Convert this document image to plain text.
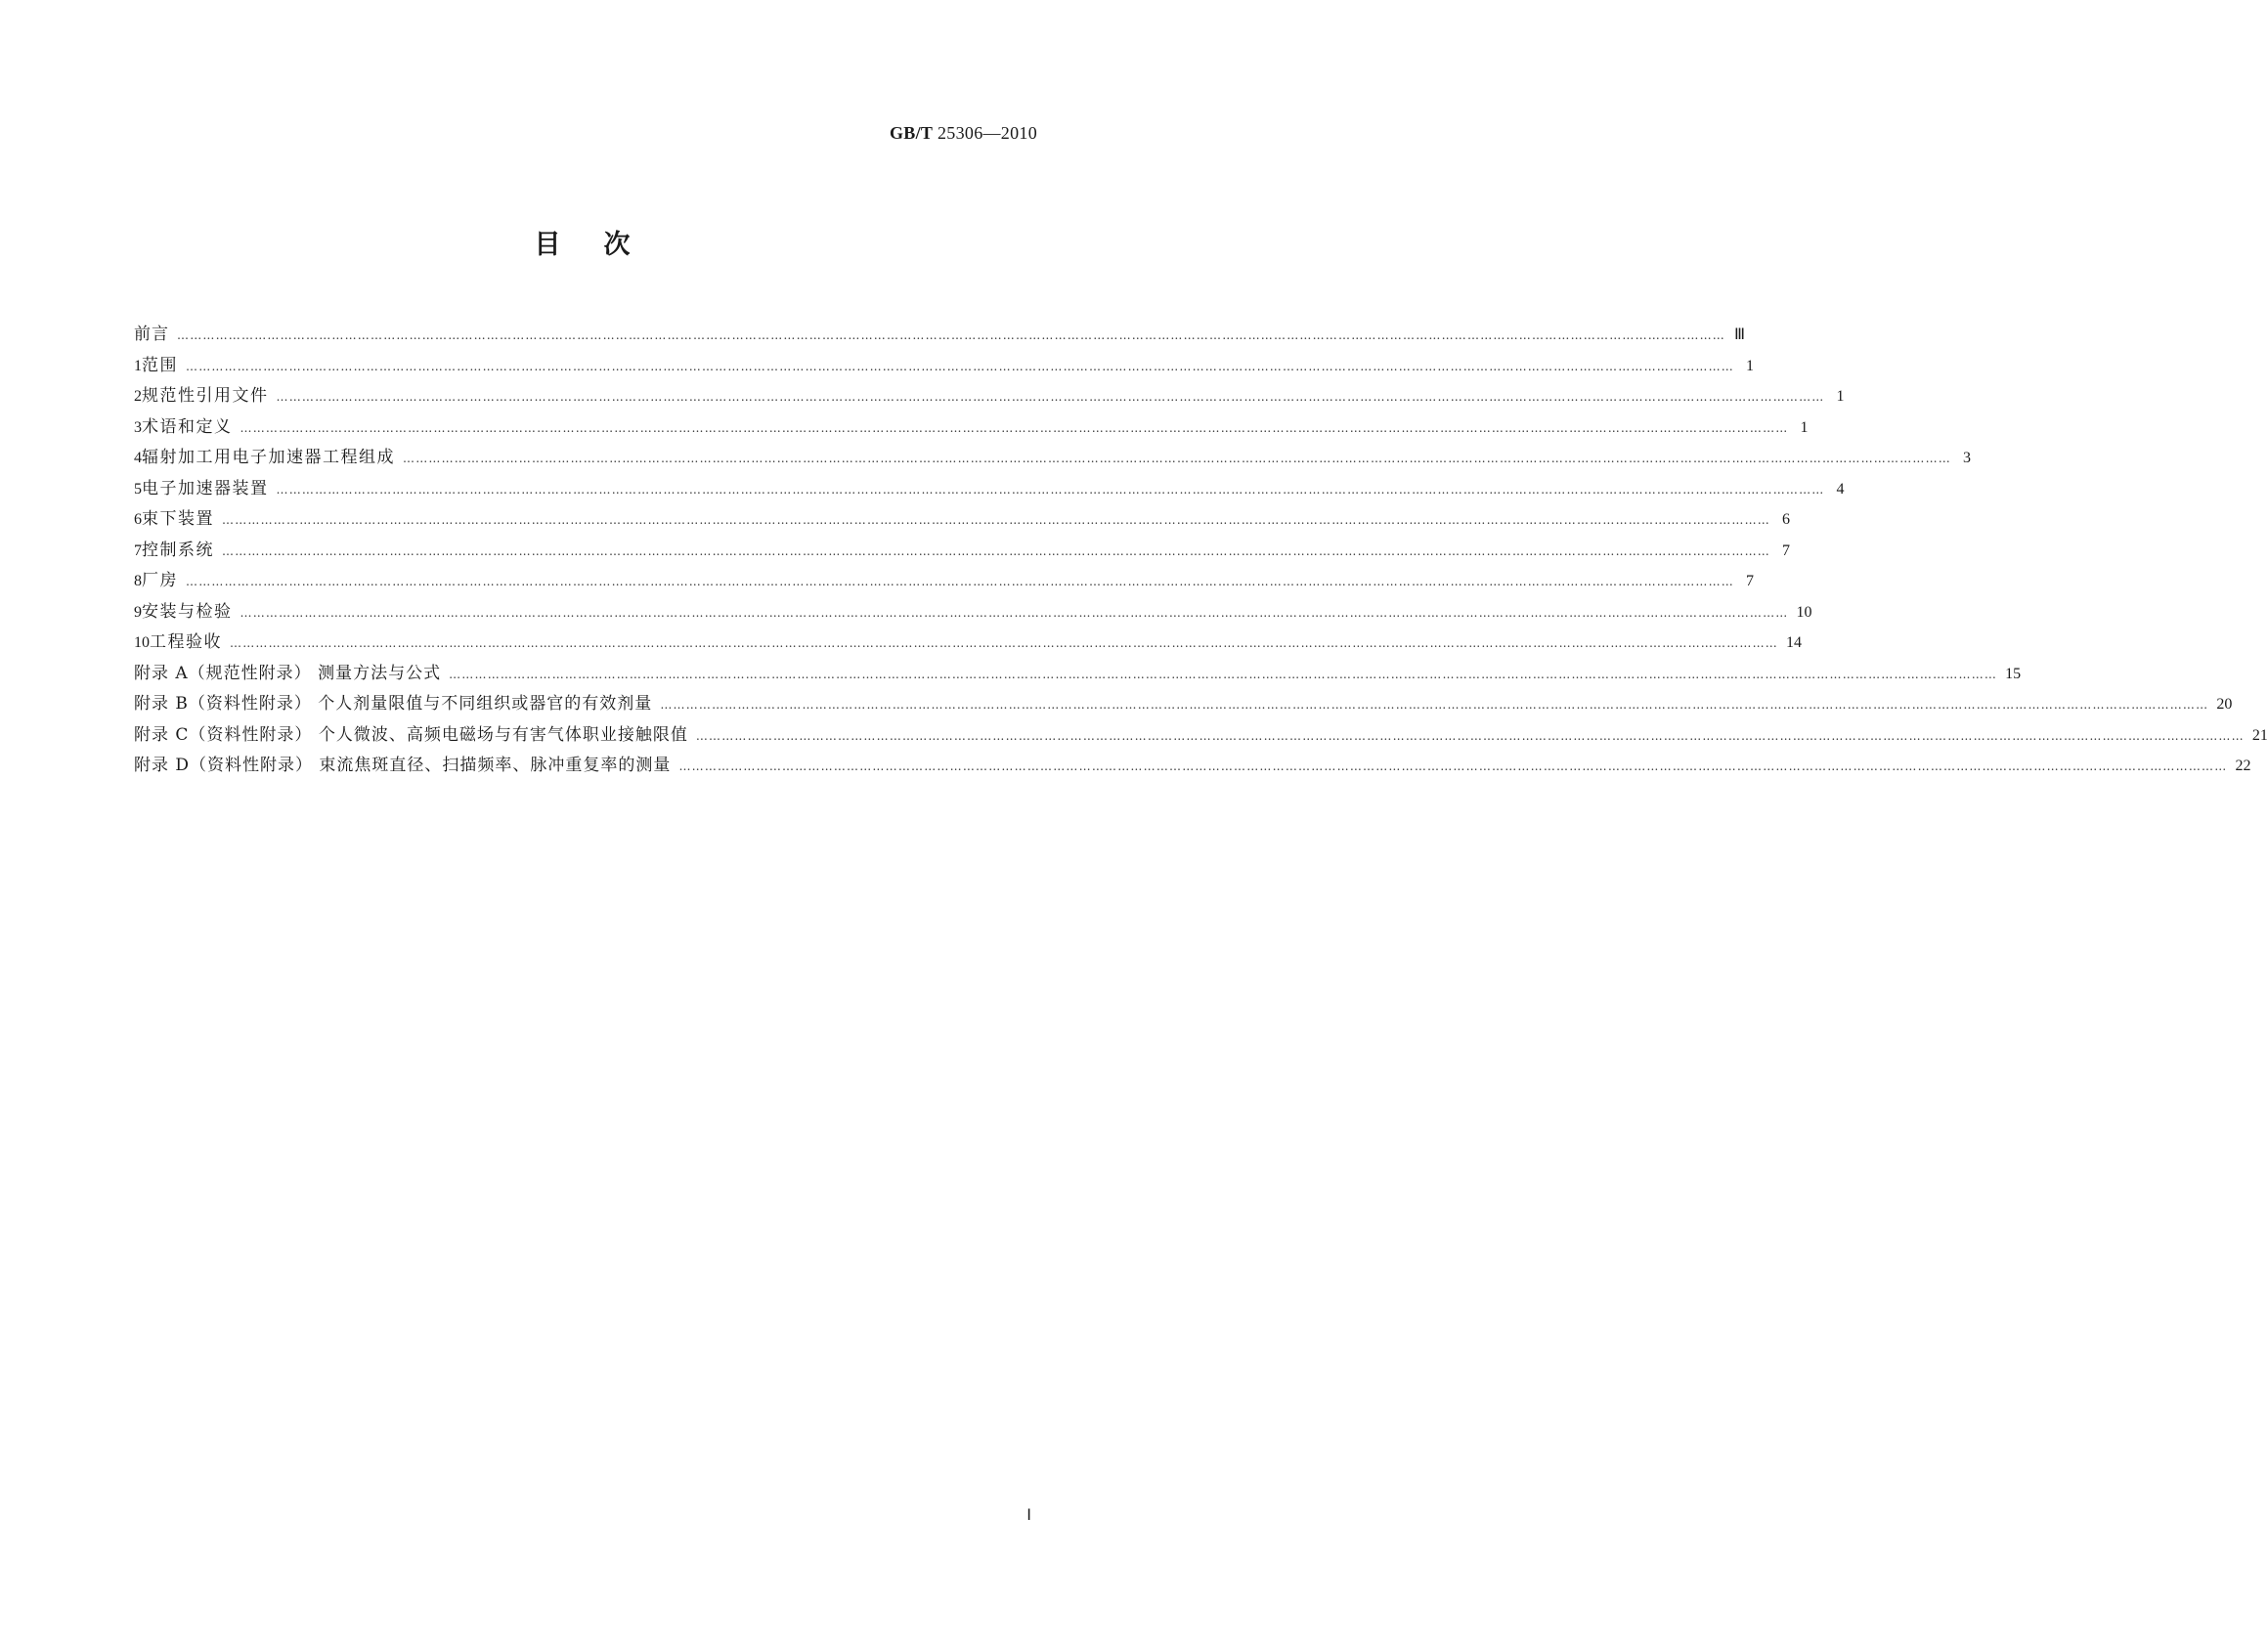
GB/T 25306—2010
目次
前言 ……………………………………………………………………………………………………………………………………………………………………………………………………………………………………………………………………………………………………………………………… Ⅲ
1 范围 ……………………………………………………………………………………………………………………………………………………………………………………………………………………………………………………………………………………………………………………………… 1
2 规范性引用文件 ……………………………………………………………………………………………………………………………………………………………………………………………………………………………………………………………………………………………………………………………… 1
3 术语和定义 ……………………………………………………………………………………………………………………………………………………………………………………………………………………………………………………………………………………………………………………………… 1
4 辐射加工用电子加速器工程组成 ……………………………………………………………………………………………………………………………………………………………………………………………………………………………………………………………………………………………………………………………… 3
5 电子加速器装置 ……………………………………………………………………………………………………………………………………………………………………………………………………………………………………………………………………………………………………………………………… 4
6 束下装置 ……………………………………………………………………………………………………………………………………………………………………………………………………………………………………………………………………………………………………………………………… 6
7 控制系统 ……………………………………………………………………………………………………………………………………………………………………………………………………………………………………………………………………………………………………………………………… 7
8 厂房 ……………………………………………………………………………………………………………………………………………………………………………………………………………………………………………………………………………………………………………………………… 7
9 安装与检验 ……………………………………………………………………………………………………………………………………………………………………………………………………………………………………………………………………………………………………………………………… 10
10 工程验收 ……………………………………………………………………………………………………………………………………………………………………………………………………………………………………………………………………………………………………………………………… 14
附录 A（规范性附录） 测量方法与公式 ……………………………………………………………………………………………………………………………………………………………………………………………………………………………………………………………………………………………………………………………… 15
附录 B（资料性附录） 个人剂量限值与不同组织或器官的有效剂量 ……………………………………………………………………………………………………………………………………………………………………………………………………………………………………………………………………………………………………………………………… 20
附录 C（资料性附录） 个人微波、高频电磁场与有害气体职业接触限值 ……………………………………………………………………………………………………………………………………………………………………………………………………………………………………………………………………………………………………………………………… 21
附录 D（资料性附录） 束流焦斑直径、扫描频率、脉冲重复率的测量 ……………………………………………………………………………………………………………………………………………………………………………………………………………………………………………………………………………………………………………………………… 22
Ⅰ
